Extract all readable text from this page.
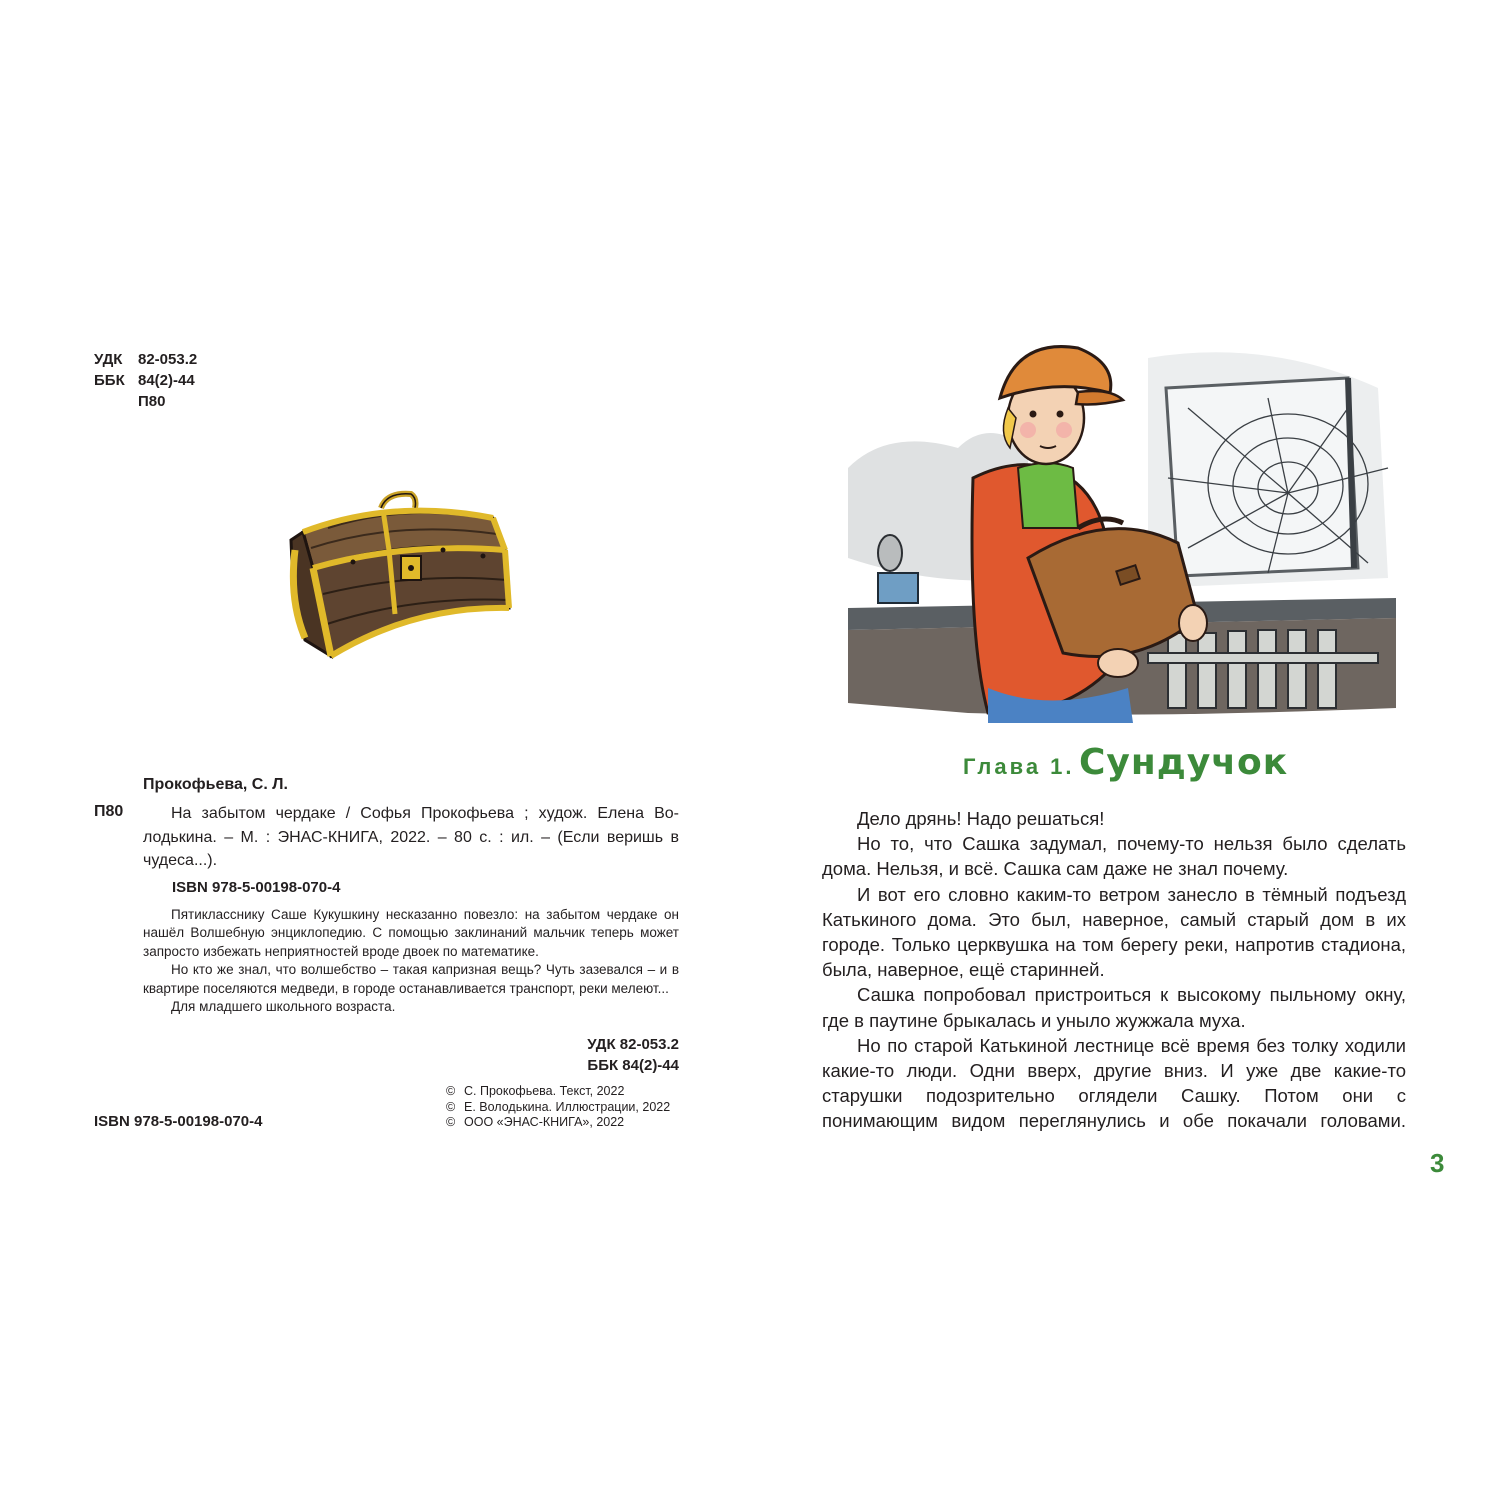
УДК 82-053.2
ББК 84(2)-44
П80
Прокофьева, С. Л.
П80	На забытом чердаке / Софья Прокофьева ; худож. Елена Володькина. – М. : ЭНАС-КНИГА, 2022. – 80 с. : ил. – (Если веришь в чудеса...).

ISBN 978-5-00198-070-4

Пятикласснику Саше Кукушкину несказанно повезло: на забытом чердаке он нашёл Волшебную энциклопедию. С помощью заклинаний мальчик теперь может запросто избежать неприятностей вроде двоек по математике.

Но кто же знал, что волшебство – такая капризная вещь? Чуть зазевался – и в квартире поселяются медведи, в городе останавливается транспорт, реки мелеют...

Для младшего школьного возраста.

УДК 82-053.2
ББК 84(2)-44
ISBN 978-5-00198-070-4
© С. Прокофьева. Текст, 2022
© Е. Володькина. Иллюстрации, 2022
© ООО «ЭНАС-КНИГА», 2022
Глава 1. Сундучок

Дело дрянь! Надо решаться!

Но то, что Сашка задумал, почему-то нельзя было сделать дома. Нельзя, и всё. Сашка сам даже не знал почему.

И вот его словно каким-то ветром занесло в тёмный подъезд Катькиного дома. Это был, наверное, самый старый дом в их городе. Только церквушка на том берегу реки, напротив стадиона, была, наверное, ещё старинней.

Сашка попробовал пристроиться к высокому пыльному окну, где в паутине брыкалась и уныло жужжала муха.

Но по старой Катькиной лестнице всё время без толку ходили какие-то люди. Одни вверх, другие вниз. И уже две какие-то старушки подозрительно оглядели Сашку. Потом они с понимающим видом переглянулись и обе покачали головами.

3
